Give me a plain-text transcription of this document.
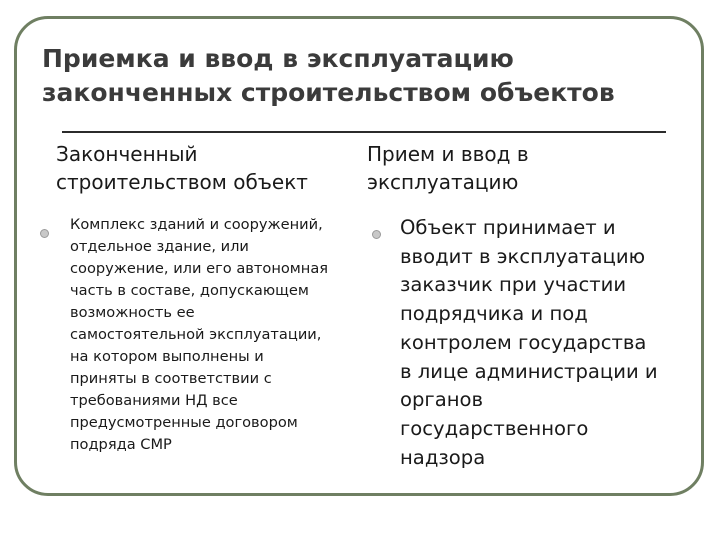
Приемка и ввод в эксплуатацию
законченных строительством объектов
Законченный
строительством объект
Прием и ввод в
эксплуатацию
Комплекс зданий и сооружений,
отдельное здание, или
сооружение, или его автономная
часть в составе, допускающем
возможность ее
самостоятельной эксплуатации,
на котором выполнены и
приняты в соответствии с
требованиями НД все
предусмотренные договором
подряда СМР
Объект принимает и
вводит в эксплуатацию
заказчик при участии
подрядчика и под
контролем государства
в лице администрации и
органов
государственного
надзора
